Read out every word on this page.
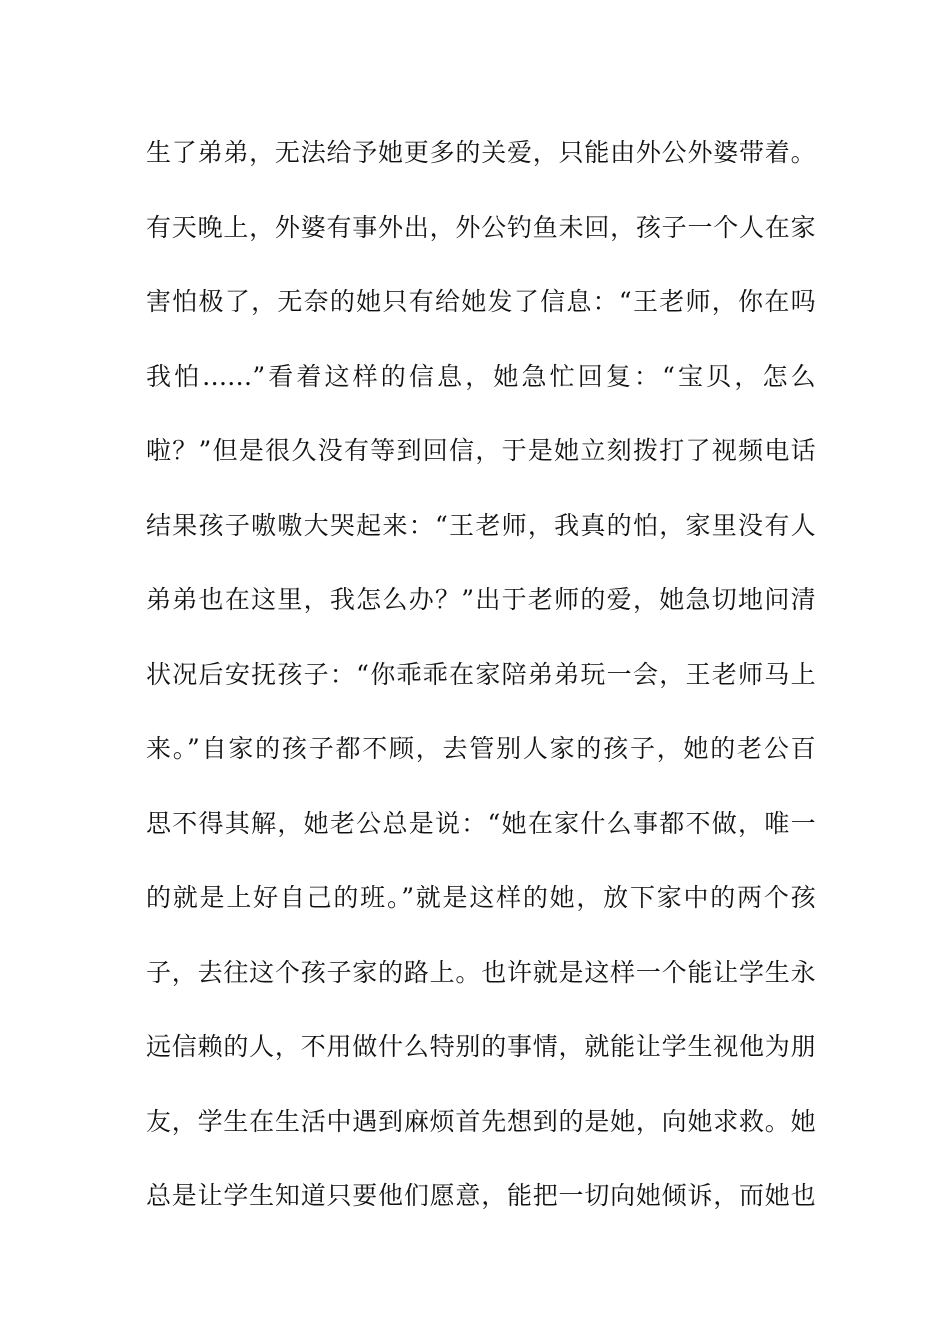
生了弟弟，无法给予她更多的关爱，只能由外公外婆带着。
有天晚上，外婆有事外出，外公钓鱼未回，孩子一个人在家
害怕极了，无奈的她只有给她发了信息：“王老师，你在吗
我怕......”看着这样的信息，她急忙回复：“宝贝，怎么
啦？”但是很久没有等到回信，于是她立刻拨打了视频电话
结果孩子嗷嗷大哭起来：“王老师，我真的怕，家里没有人
弟弟也在这里，我怎么办？”出于老师的爱，她急切地问清
状况后安抚孩子：“你乖乖在家陪弟弟玩一会，王老师马上
来。”自家的孩子都不顾，去管别人家的孩子，她的老公百
思不得其解，她老公总是说：“她在家什么事都不做，唯一
的就是上好自己的班。”就是这样的她，放下家中的两个孩
子，去往这个孩子家的路上。也许就是这样一个能让学生永
远信赖的人，不用做什么特别的事情，就能让学生视他为朋
友，学生在生活中遇到麻烦首先想到的是她，向她求救。她
总是让学生知道只要他们愿意，能把一切向她倾诉，而她也
